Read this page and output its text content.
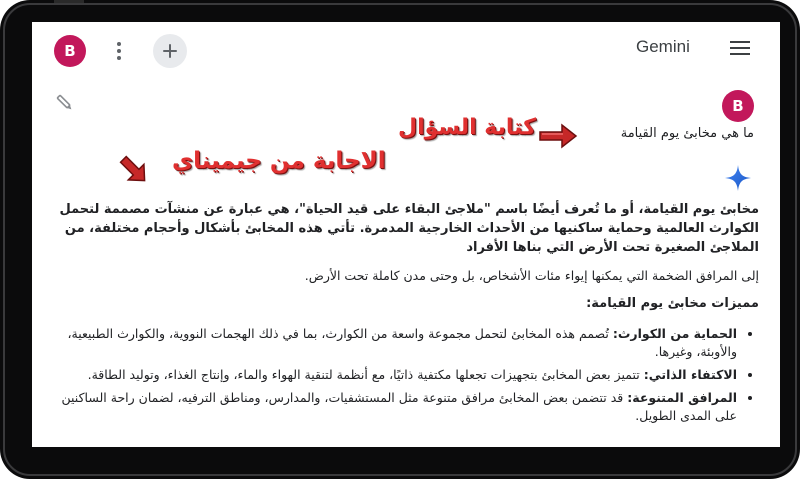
B	Gemini
B
ما هي مخابئ يوم القيامة
كتابة السؤال
الاجابة من جيميناي

مخابئ يوم القيامة، أو ما تُعرف أيضًا باسم "ملاجئ البقاء على قيد الحياة"، هي عبارة عن منشآت مصممة لتحمل الكوارث العالمية وحماية ساكنيها من الأحداث الخارجية المدمرة. تأتي هذه المخابئ بأشكال وأحجام مختلفة، من الملاجئ الصغيرة تحت الأرض التي بناها الأفراد

إلى المرافق الضخمة التي يمكنها إيواء مئات الأشخاص، بل وحتى مدن كاملة تحت الأرض.

مميزات مخابئ يوم القيامة:

• الحماية من الكوارث: تُصمم هذه المخابئ لتحمل مجموعة واسعة من الكوارث، بما في ذلك الهجمات النووية، والكوارث الطبيعية، والأوبئة، وغيرها.
• الاكتفاء الذاتي: تتميز بعض المخابئ بتجهيزات تجعلها مكتفية ذاتيًا، مع أنظمة لتنقية الهواء والماء، وإنتاج الغذاء، وتوليد الطاقة.
• المرافق المتنوعة: قد تتضمن بعض المخابئ مرافق متنوعة مثل المستشفيات، والمدارس، ومناطق الترفيه، لضمان راحة الساكنين على المدى الطويل.
